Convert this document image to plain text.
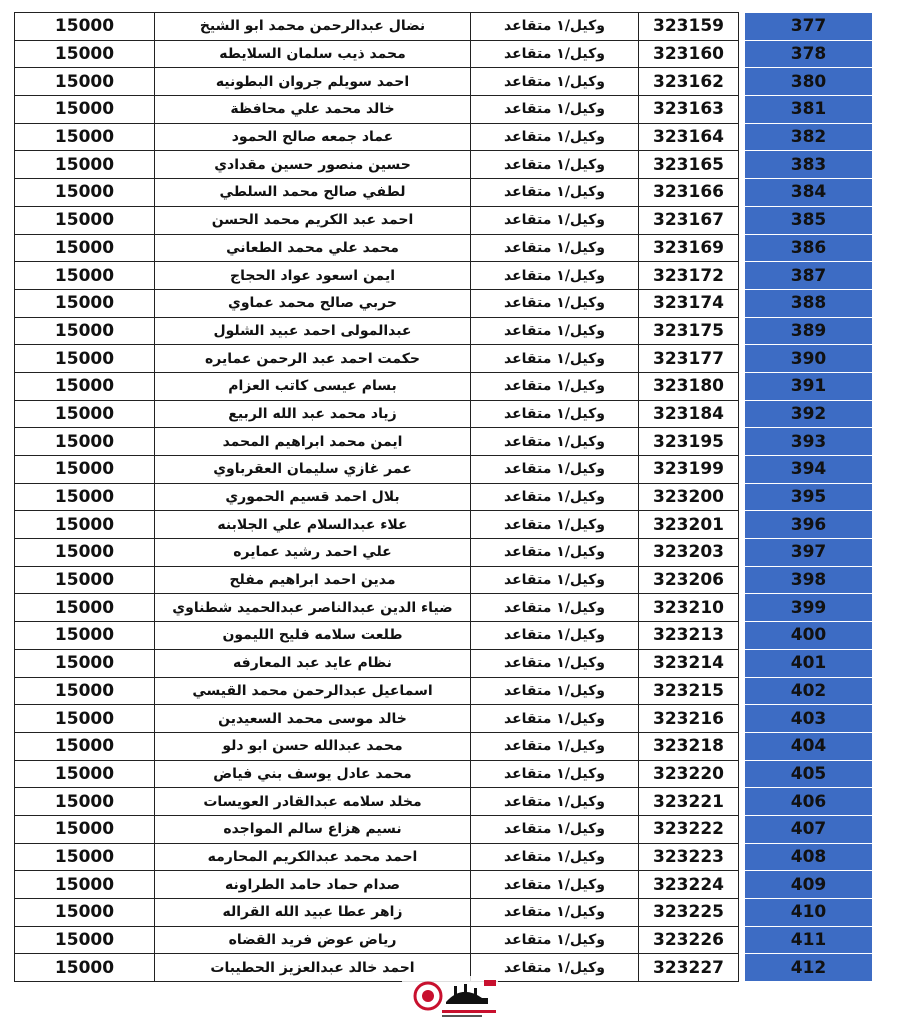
15000	نضال عبدالرحمن محمد ابو الشيخ	وكيل/١ متقاعد	323159		377
15000	محمد ذيب سلمان السلايطه	وكيل/١ متقاعد	323160		378
15000	احمد سويلم جروان البطونيه	وكيل/١ متقاعد	323162		380
15000	خالد محمد علي محافظة	وكيل/١ متقاعد	323163		381
15000	عماد جمعه صالح الحمود	وكيل/١ متقاعد	323164		382
15000	حسين منصور حسين مقدادي	وكيل/١ متقاعد	323165		383
15000	لطفي صالح محمد السلطي	وكيل/١ متقاعد	323166		384
15000	احمد عبد الكريم محمد الحسن	وكيل/١ متقاعد	323167		385
15000	محمد علي محمد الطعاني	وكيل/١ متقاعد	323169		386
15000	ايمن اسعود عواد الحجاج	وكيل/١ متقاعد	323172		387
15000	حربي صالح محمد عماوي	وكيل/١ متقاعد	323174		388
15000	عبدالمولى احمد عبيد الشلول	وكيل/١ متقاعد	323175		389
15000	حكمت احمد عبد الرحمن عمايره	وكيل/١ متقاعد	323177		390
15000	بسام عيسى كاتب العزام	وكيل/١ متقاعد	323180		391
15000	زياد محمد عبد الله الربيع	وكيل/١ متقاعد	323184		392
15000	ايمن محمد ابراهيم المحمد	وكيل/١ متقاعد	323195		393
15000	عمر غازي سليمان العقرباوي	وكيل/١ متقاعد	323199		394
15000	بلال احمد قسيم الحموري	وكيل/١ متقاعد	323200		395
15000	علاء عبدالسلام علي الجلابنه	وكيل/١ متقاعد	323201		396
15000	علي احمد رشيد عمايره	وكيل/١ متقاعد	323203		397
15000	مدين احمد ابراهيم مفلح	وكيل/١ متقاعد	323206		398
15000	ضياء الدين عبدالناصر عبدالحميد شطناوي	وكيل/١ متقاعد	323210		399
15000	طلعت سلامه فليح الليمون	وكيل/١ متقاعد	323213		400
15000	نظام عايد عبد المعارفه	وكيل/١ متقاعد	323214		401
15000	اسماعيل عبدالرحمن محمد القيسي	وكيل/١ متقاعد	323215		402
15000	خالد موسى محمد السعيدين	وكيل/١ متقاعد	323216		403
15000	محمد عبدالله حسن ابو دلو	وكيل/١ متقاعد	323218		404
15000	محمد عادل يوسف بني فياض	وكيل/١ متقاعد	323220		405
15000	مخلد سلامه عبدالقادر العويسات	وكيل/١ متقاعد	323221		406
15000	نسيم هزاع سالم المواجده	وكيل/١ متقاعد	323222		407
15000	احمد محمد عبدالكريم المحارمه	وكيل/١ متقاعد	323223		408
15000	صدام حماد حامد الطراونه	وكيل/١ متقاعد	323224		409
15000	زاهر عطا عبيد الله القراله	وكيل/١ متقاعد	323225		410
15000	رياض عوض فريد القضاه	وكيل/١ متقاعد	323226		411
15000	احمد خالد عبدالعزيز الحطيبات	وكيل/١ متقاعد	323227		412
